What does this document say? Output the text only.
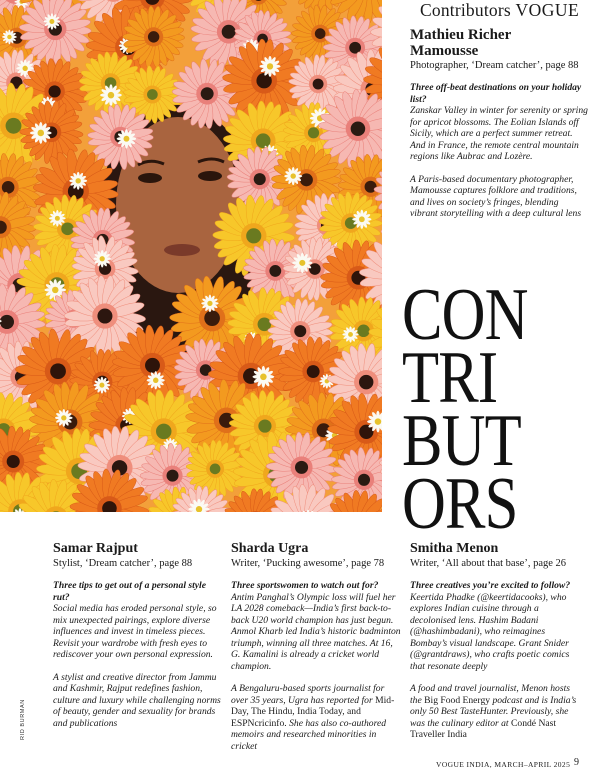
Contributors VOGUE
Mathieu Richer
Mamousse
Photographer, ‘Dream catcher’, page 88
Three off-beat destinations on your holiday list?
Zanskar Valley in winter for serenity or spring for apricot blossoms. The Eolian Islands off Sicily, which are a perfect summer retreat. And in France, the remote central mountain regions like Aubrac and Lozère.
A Paris-based documentary photographer, Mamousse captures folklore and traditions, and lives on society’s fringes, blending vibrant storytelling with a deep cultural lens
CON
TRI
BUT
ORS
Samar Rajput
Stylist, ‘Dream catcher’, page 88
Three tips to get out of a personal style rut?
Social media has eroded personal style, so mix unexpected pairings, explore diverse influences and invest in timeless pieces. Revisit your wardrobe with fresh eyes to rediscover your own personal expression.
A stylist and creative director from Jammu and Kashmir, Rajput redefines fashion, culture and luxury while challenging norms of beauty, gender and sexuality for brands and publications
Sharda Ugra
Writer, ‘Pucking awesome’, page 78
Three sportswomen to watch out for?
Antim Panghal’s Olympic loss will fuel her LA 2028 comeback—India’s first back-to-back U20 world champion has just begun. Anmol Kharb led India’s historic badminton triumph, winning all three matches. At 16, G. Kamalini is already a cricket world champion.
A Bengaluru-based sports journalist for over 35 years, Ugra has reported for Mid-Day, The Hindu, India Today, and ESPNcricinfo. She has also co-authored memoirs and researched minorities in cricket
Smitha Menon
Writer, ‘All about that base’, page 26
Three creatives you’re excited to follow?
Keertida Phadke (@keertidacooks), who explores Indian cuisine through a decolonised lens. Hashim Badani (@hashimbadani), who reimagines Bombay’s visual landscape. Grant Snider (@grantdraws), who crafts poetic comics that resonate deeply
A food and travel journalist, Menon hosts the Big Food Energy podcast and is India’s only 50 Best TasteHunter. Previously, she was the culinary editor at Condé Nast Traveller India
RID BURMAN
VOGUE INDIA, MARCH–APRIL 2025 9
